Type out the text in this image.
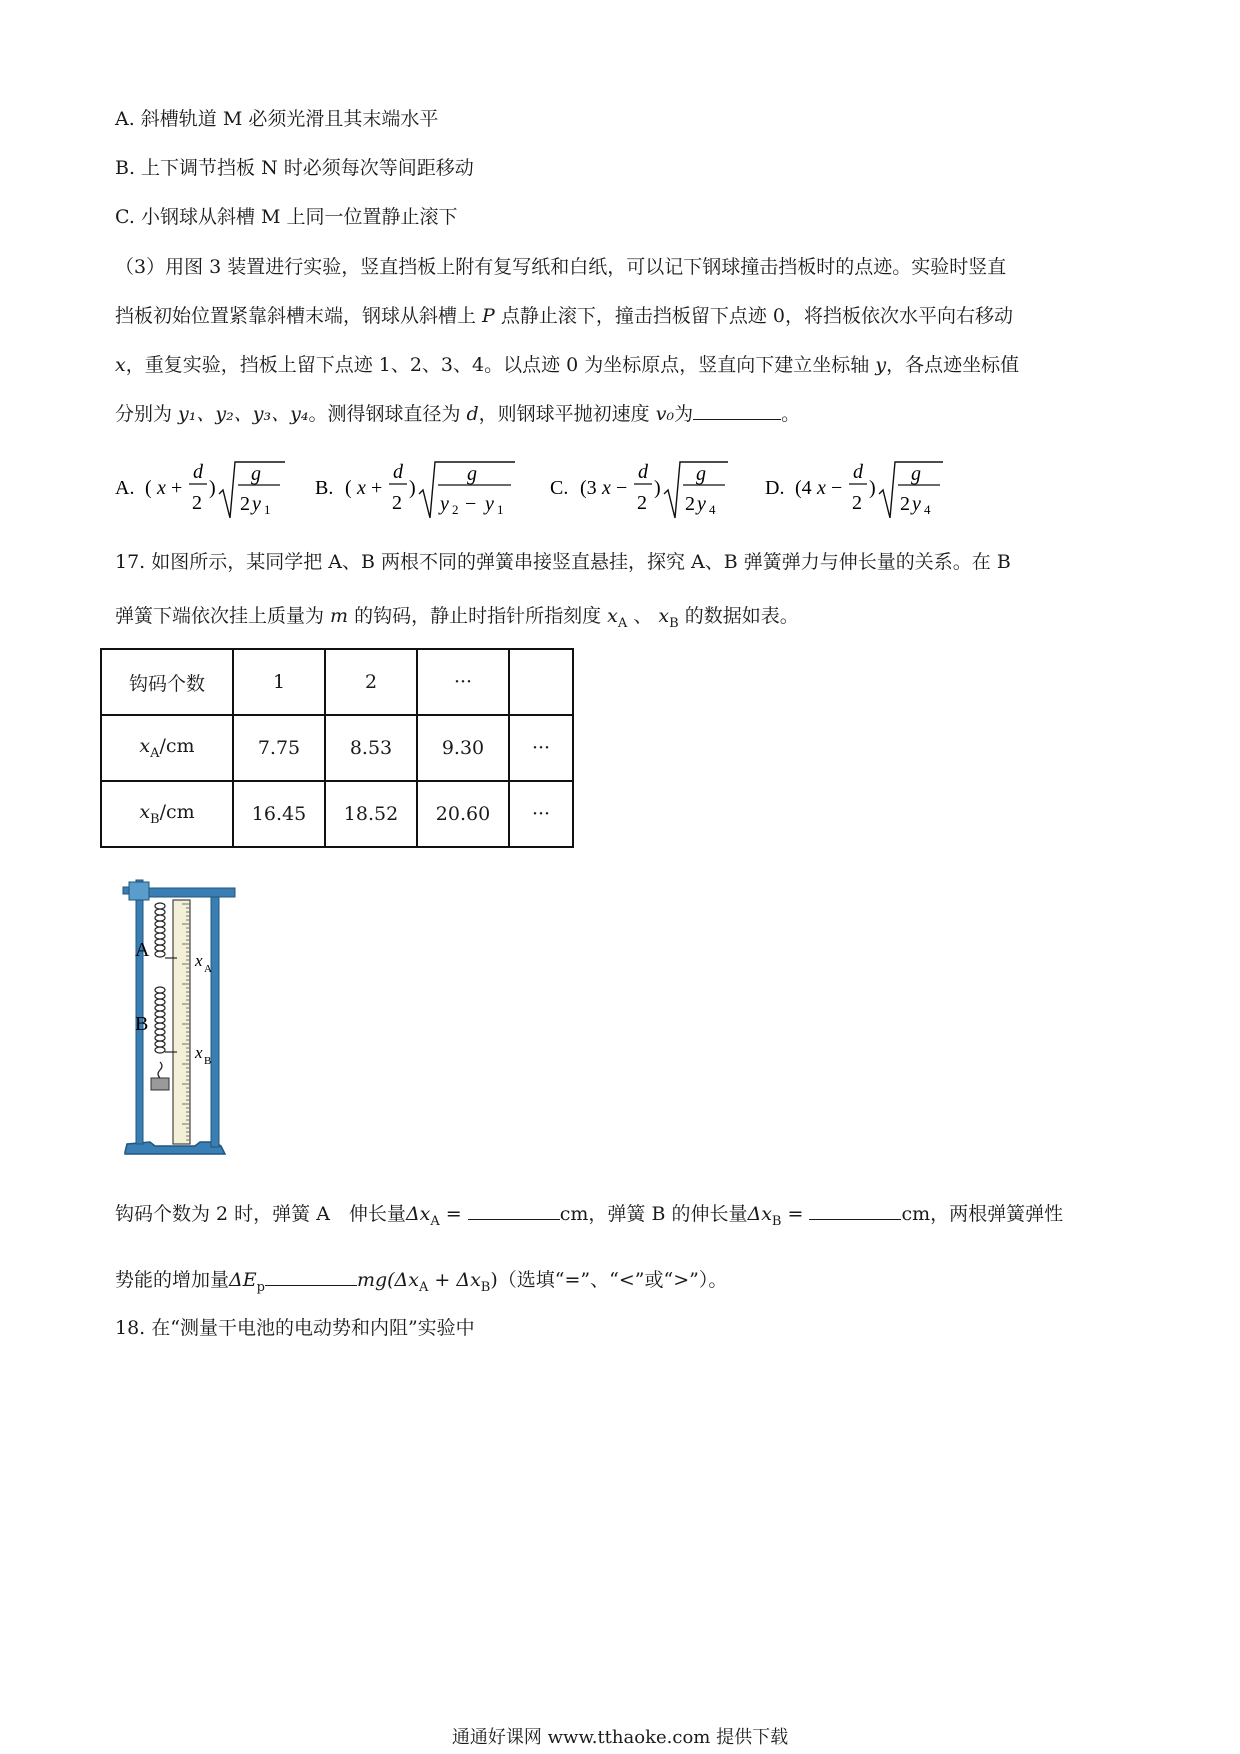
A. 斜槽轨道 M 必须光滑且其末端水平
B. 上下调节挡板 N 时必须每次等间距移动
C. 小钢球从斜槽 M 上同一位置静止滚下
（3）用图 3 装置进行实验，竖直挡板上附有复写纸和白纸，可以记下钢球撞击挡板时的点迹。实验时竖直
挡板初始位置紧靠斜槽末端，钢球从斜槽上 P 点静止滚下，撞击挡板留下点迹 0，将挡板依次水平向右移动
x，重复实验，挡板上留下点迹 1、2、3、4。以点迹 0 为坐标原点，竖直向下建立坐标轴 y，各点迹坐标值
分别为 y₁、y₂、y₃、y₄。测得钢球直径为 d，则钢球平抛初速度 v₀为	。
A. ( x +
d
2
)
g
2 y 1
B. ( x +
d
2
)
g
y 2 − y 1
C. (3 x −
d
2
)
g
2 y 4
D. (4 x −
d
2
)
g
2 y 4
17. 如图所示，某同学把 A、B 两根不同的弹簧串接竖直悬挂，探究 A、B 弹簧弹力与伸长量的关系。在 B
弹簧下端依次挂上质量为 m 的钩码，静止时指针所指刻度 $x_A$ 、 $x_B$ 的数据如表。
钩码个数	1	2	···	
$x_A/cm$	7.75	8.53	9.30	···
$x_B/cm$	16.45	18.52	20.60	···
A
B
x A
x B
钩码个数为 2 时，弹簧 A　伸长量$\Delta x_A$ =	cm，弹簧 B 的伸长量$\Delta x_B$ =	cm，两根弹簧弹性
势能的增加量$\Delta E_p$	$mg(\Delta x_A + \Delta x_B)$（选填“=”、“<”或“>”）。
18. 在“测量干电池的电动势和内阻”实验中
通通好课网 www.tthaoke.com 提供下载
